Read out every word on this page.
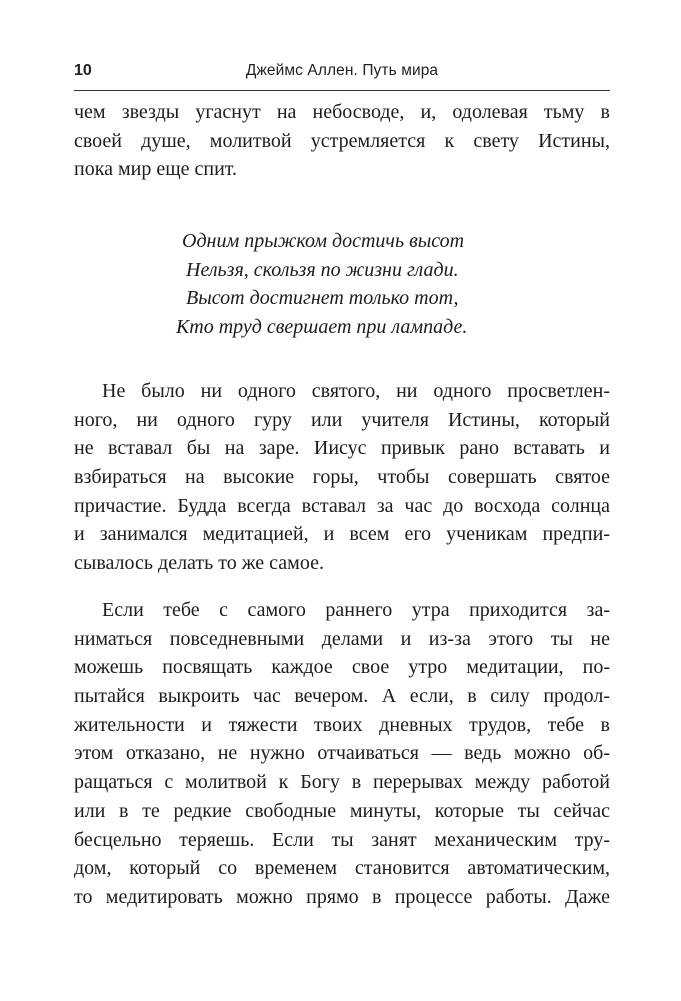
10	Джеймс Аллен. Путь мира
чем звезды угаснут на небосводе, и, одолевая тьму в
своей душе, молитвой устремляется к свету Истины,
пока мир еще спит.
Одним прыжком достичь высот
Нельзя, скользя по жизни глади.
Высот достигнет только тот,
Кто труд свершает при лампаде.
Не было ни одного святого, ни одного просветлен-
ного, ни одного гуру или учителя Истины, который
не вставал бы на заре. Иисус привык рано вставать и
взбираться на высокие горы, чтобы совершать святое
причастие. Будда всегда вставал за час до восхода солнца
и занимался медитацией, и всем его ученикам предпи-
сывалось делать то же самое.
Если тебе с самого раннего утра приходится за-
ниматься повседневными делами и из-за этого ты не
можешь посвящать каждое свое утро медитации, по-
пытайся выкроить час вечером. А если, в силу продол-
жительности и тяжести твоих дневных трудов, тебе в
этом отказано, не нужно отчаиваться — ведь можно об-
ращаться с молитвой к Богу в перерывах между работой
или в те редкие свободные минуты, которые ты сейчас
бесцельно теряешь. Если ты занят механическим тру-
дом, который со временем становится автоматическим,
то медитировать можно прямо в процессе работы. Даже
